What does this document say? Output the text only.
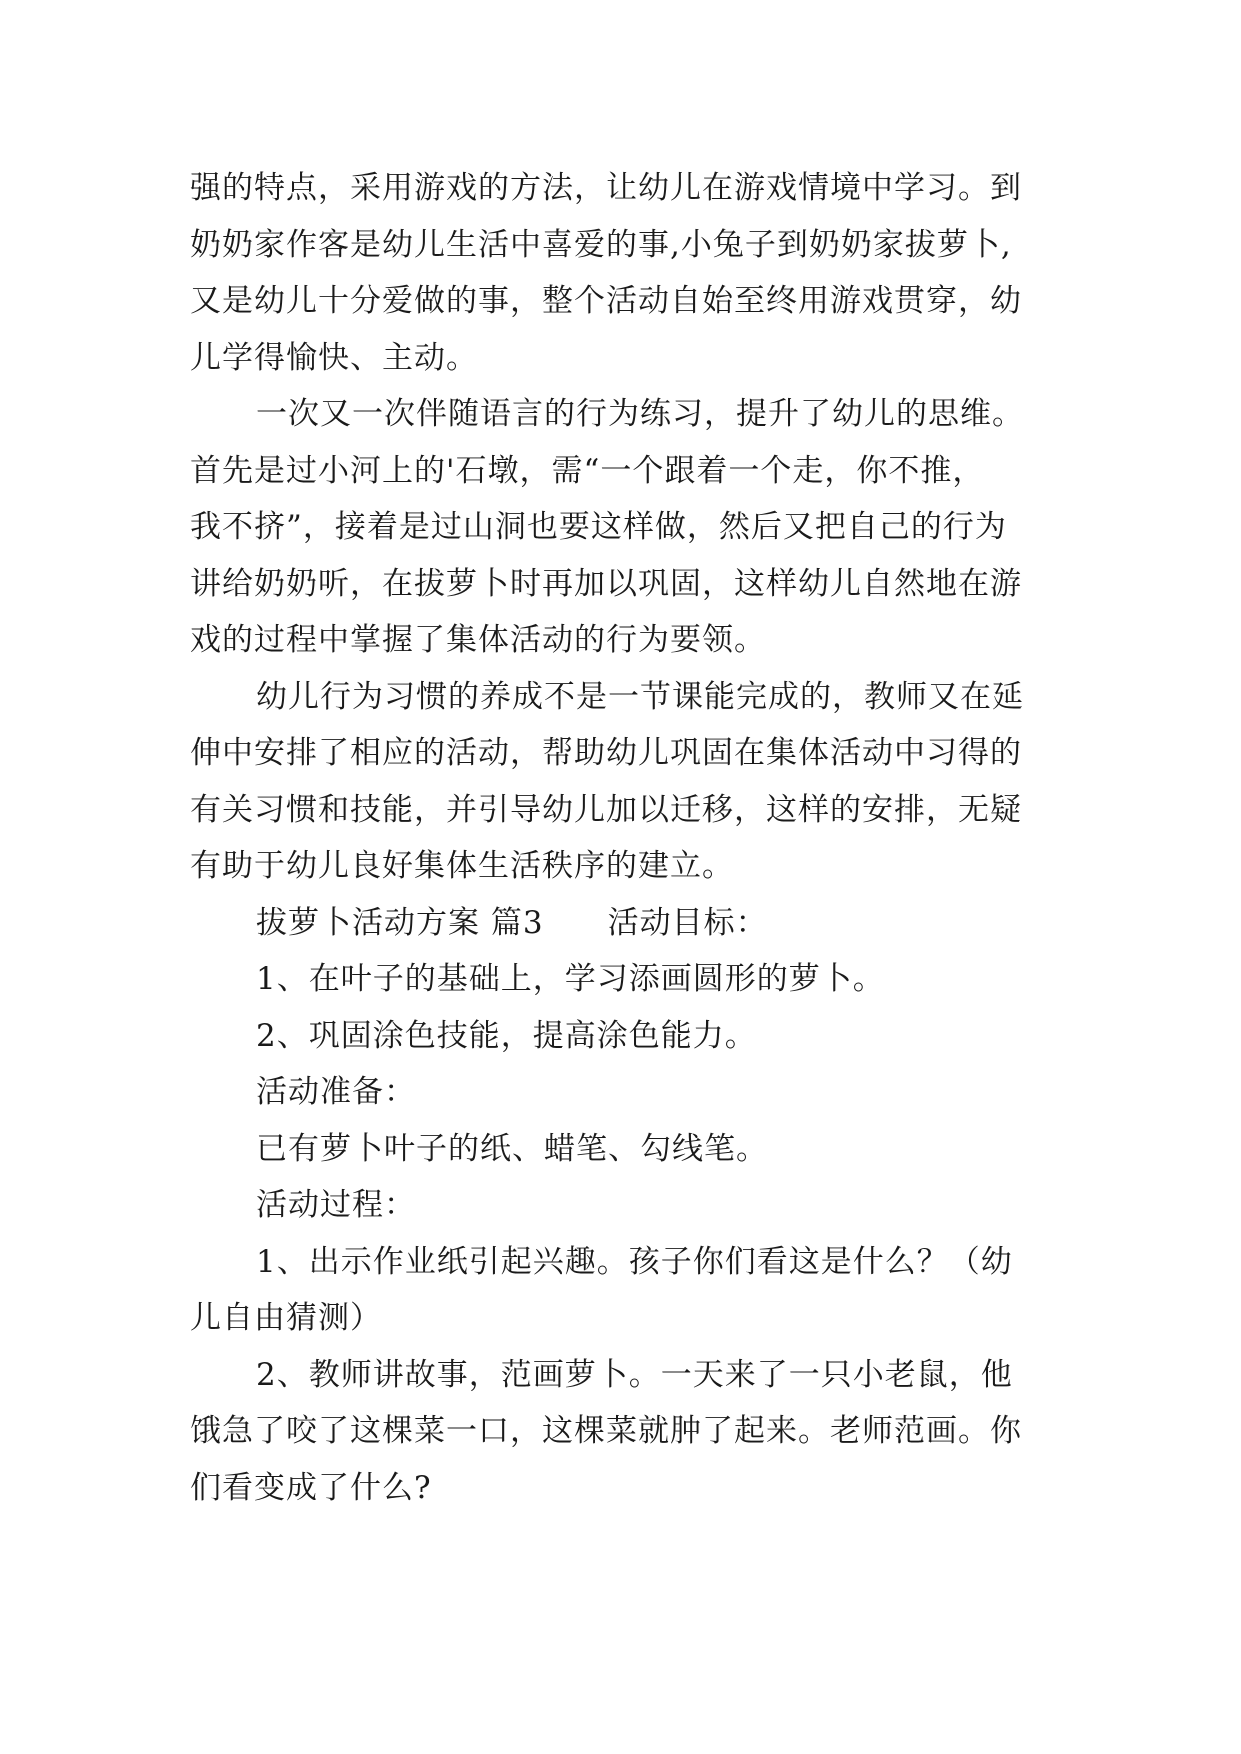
强的特点，采用游戏的方法，让幼儿在游戏情境中学习。到
奶奶家作客是幼儿生活中喜爱的事,小兔子到奶奶家拔萝卜,
又是幼儿十分爱做的事，整个活动自始至终用游戏贯穿，幼
儿学得愉快、主动。
一次又一次伴随语言的行为练习，提升了幼儿的思维。
首先是过小河上的'石墩，需“一个跟着一个走，你不推，
我不挤”，接着是过山洞也要这样做，然后又把自己的行为
讲给奶奶听，在拔萝卜时再加以巩固，这样幼儿自然地在游
戏的过程中掌握了集体活动的行为要领。
幼儿行为习惯的养成不是一节课能完成的，教师又在延
伸中安排了相应的活动，帮助幼儿巩固在集体活动中习得的
有关习惯和技能，并引导幼儿加以迁移，这样的安排，无疑
有助于幼儿良好集体生活秩序的建立。
拔萝卜活动方案 篇3　　活动目标：
1、在叶子的基础上，学习添画圆形的萝卜。
2、巩固涂色技能，提高涂色能力。
活动准备：
已有萝卜叶子的纸、蜡笔、勾线笔。
活动过程：
1、出示作业纸引起兴趣。孩子你们看这是什么？（幼
儿自由猜测）
2、教师讲故事，范画萝卜。一天来了一只小老鼠，他
饿急了咬了这棵菜一口，这棵菜就肿了起来。老师范画。你
们看变成了什么?
